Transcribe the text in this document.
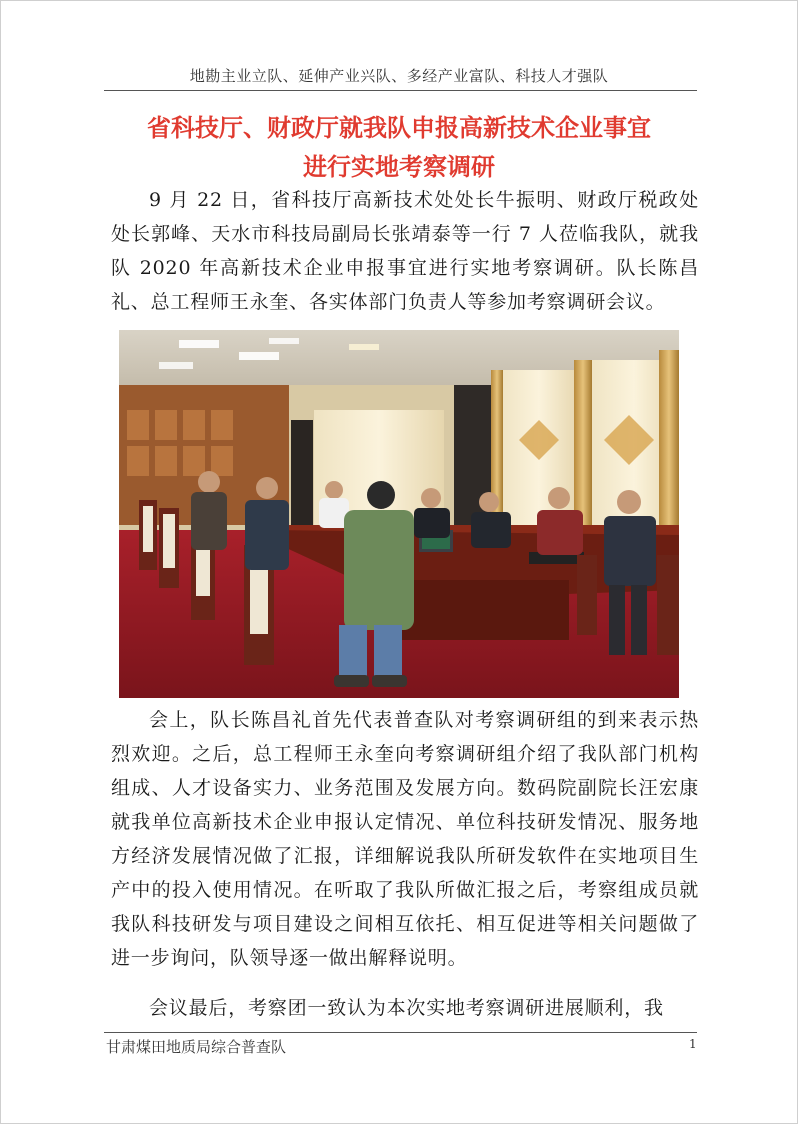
地勘主业立队、延伸产业兴队、多经产业富队、科技人才强队
省科技厅、财政厅就我队申报高新技术企业事宜
进行实地考察调研

9 月 22 日，省科技厅高新技术处处长牛振明、财政厅税政处处长郭峰、天水市科技局副局长张靖泰等一行 7 人莅临我队，就我队 2020 年高新技术企业申报事宜进行实地考察调研。队长陈昌礼、总工程师王永奎、各实体部门负责人等参加考察调研会议。

会上，队长陈昌礼首先代表普查队对考察调研组的到来表示热烈欢迎。之后，总工程师王永奎向考察调研组介绍了我队部门机构组成、人才设备实力、业务范围及发展方向。数码院副院长汪宏康就我单位高新技术企业申报认定情况、单位科技研发情况、服务地方经济发展情况做了汇报，详细解说我队所研发软件在实地项目生产中的投入使用情况。在听取了我队所做汇报之后，考察组成员就我队科技研发与项目建设之间相互依托、相互促进等相关问题做了进一步询问，队领导逐一做出解释说明。

会议最后，考察团一致认为本次实地考察调研进展顺利，我

甘肃煤田地质局综合普查队	1
